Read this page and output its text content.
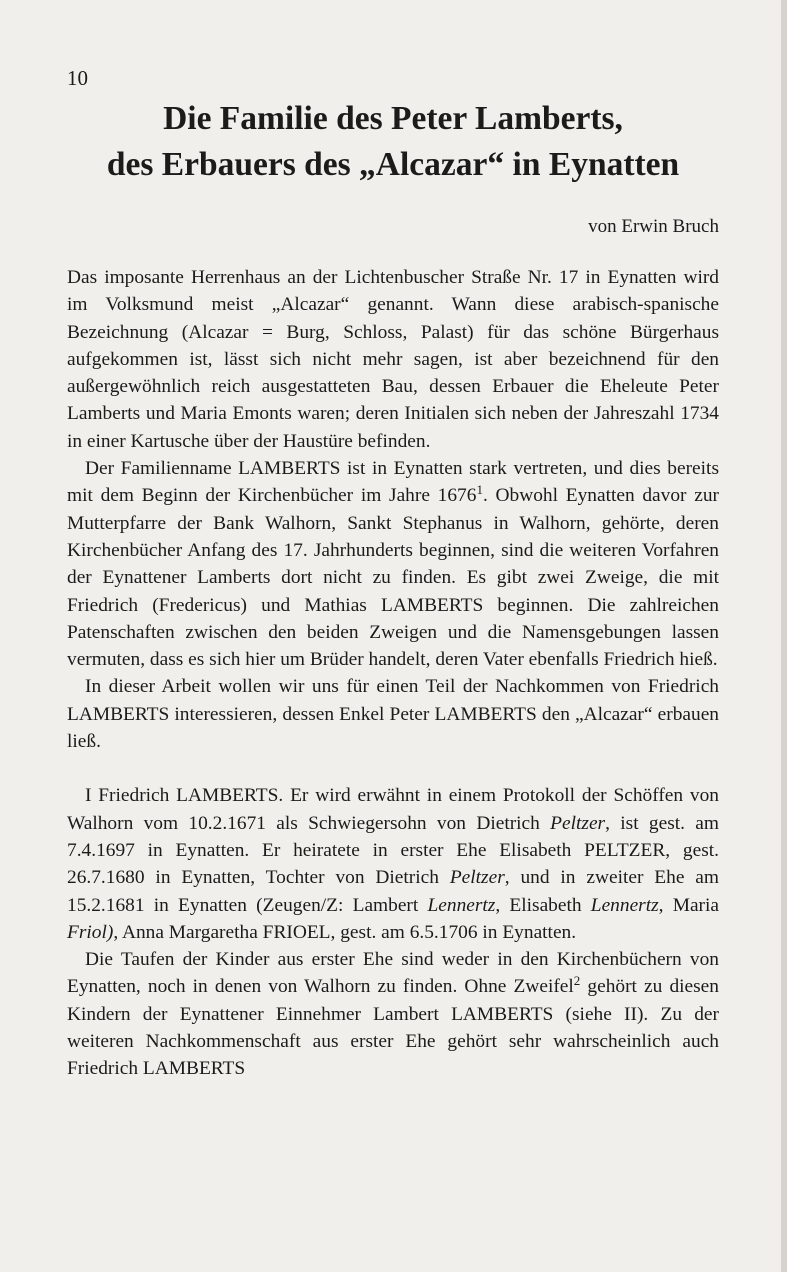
10
Die Familie des Peter Lamberts,
des Erbauers des „Alcazar“ in Eynatten
von Erwin Bruch

Das imposante Herrenhaus an der Lichtenbuscher Straße Nr. 17 in Eynatten wird im Volksmund meist „Alcazar“ genannt. Wann diese arabisch-spanische Bezeichnung (Alcazar = Burg, Schloss, Palast) für das schöne Bürgerhaus aufgekommen ist, lässt sich nicht mehr sagen, ist aber bezeichnend für den außergewöhnlich reich ausgestatteten Bau, dessen Erbauer die Eheleute Peter Lamberts und Maria Emonts waren; deren Initialen sich neben der Jahreszahl 1734 in einer Kartusche über der Haustüre befinden.

Der Familienname LAMBERTS ist in Eynatten stark vertreten, und dies bereits mit dem Beginn der Kirchenbücher im Jahre 1676$^1$. Obwohl Eynatten davor zur Mutterpfarre der Bank Walhorn, Sankt Stephanus in Walhorn, gehörte, deren Kirchenbücher Anfang des 17. Jahrhunderts beginnen, sind die weiteren Vorfahren der Eynattener Lamberts dort nicht zu finden. Es gibt zwei Zweige, die mit Friedrich (Fredericus) und Mathias LAMBERTS beginnen. Die zahlreichen Patenschaften zwischen den beiden Zweigen und die Namensgebungen lassen vermuten, dass es sich hier um Brüder handelt, deren Vater ebenfalls Friedrich hieß.

In dieser Arbeit wollen wir uns für einen Teil der Nachkommen von Friedrich LAMBERTS interessieren, dessen Enkel Peter LAMBERTS den „Alcazar“ erbauen ließ.

I Friedrich LAMBERTS. Er wird erwähnt in einem Protokoll der Schöffen von Walhorn vom 10.2.1671 als Schwiegersohn von Dietrich Peltzer, ist gest. am 7.4.1697 in Eynatten. Er heiratete in erster Ehe Elisabeth PELTZER, gest. 26.7.1680 in Eynatten, Tochter von Dietrich Peltzer, und in zweiter Ehe am 15.2.1681 in Eynatten (Zeugen/Z: Lambert Lennertz, Elisabeth Lennertz, Maria Friol), Anna Margaretha FRIOEL, gest. am 6.5.1706 in Eynatten.

Die Taufen der Kinder aus erster Ehe sind weder in den Kirchenbüchern von Eynatten, noch in denen von Walhorn zu finden. Ohne Zweifel$^2$ gehört zu diesen Kindern der Eynattener Einnehmer Lambert LAMBERTS (siehe II). Zu der weiteren Nachkommenschaft aus erster Ehe gehört sehr wahrscheinlich auch Friedrich LAMBERTS
